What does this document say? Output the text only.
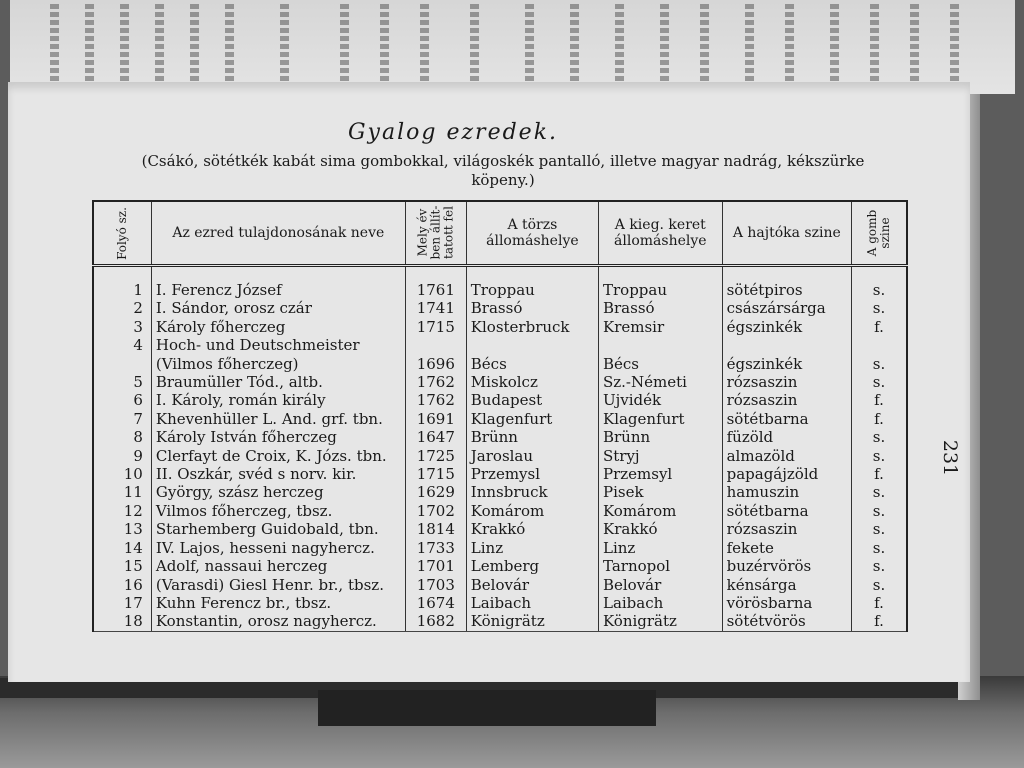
Gyalog ezredek.
(Csákó, sötétkék kabát sima gombokkal, világoskék pantalló, illetve magyar nadrág, kékszürke köpeny.)
231
Folyó sz.	Az ezred tulajdonosának neve	Mely év ben állít-tatott fel	A törzs állomáshelye	A kieg. keret állomáshelye	A hajtóka szine	A gomb szine
1	I. Ferencz József	1761	Troppau	Troppau	sötétpiros	s.
2	I. Sándor, orosz czár	1741	Brassó	Brassó	császársárga	s.
3	Károly főherczeg	1715	Klosterbruck	Kremsir	égszinkék	f.
4	Hoch- und Deutschmeister					
	(Vilmos főherczeg)	1696	Bécs	Bécs	égszinkék	s.
5	Braumüller Tód., altb.	1762	Miskolcz	Sz.-Németi	rózsaszin	s.
6	I. Károly, román király	1762	Budapest	Ujvidék	rózsaszin	f.
7	Khevenhüller L. And. grf. tbn.	1691	Klagenfurt	Klagenfurt	sötétbarna	f.
8	Károly István főherczeg	1647	Brünn	Brünn	füzöld	s.
9	Clerfayt de Croix, K. Józs. tbn.	1725	Jaroslau	Stryj	almazöld	s.
10	II. Oszkár, svéd s norv. kir.	1715	Przemysl	Przemsyl	papagájzöld	f.
11	György, szász herczeg	1629	Innsbruck	Pisek	hamuszin	s.
12	Vilmos főherczeg, tbsz.	1702	Komárom	Komárom	sötétbarna	s.
13	Starhemberg Guidobald, tbn.	1814	Krakkó	Krakkó	rózsaszin	s.
14	IV. Lajos, hesseni nagyhercz.	1733	Linz	Linz	fekete	s.
15	Adolf, nassaui herczeg	1701	Lemberg	Tarnopol	buzérvörös	s.
16	(Varasdi) Giesl Henr. br., tbsz.	1703	Belovár	Belovár	kénsárga	s.
17	Kuhn Ferencz br., tbsz.	1674	Laibach	Laibach	vörösbarna	f.
18	Konstantin, orosz nagyhercz.	1682	Königrätz	Königrätz	sötétvörös	f.
